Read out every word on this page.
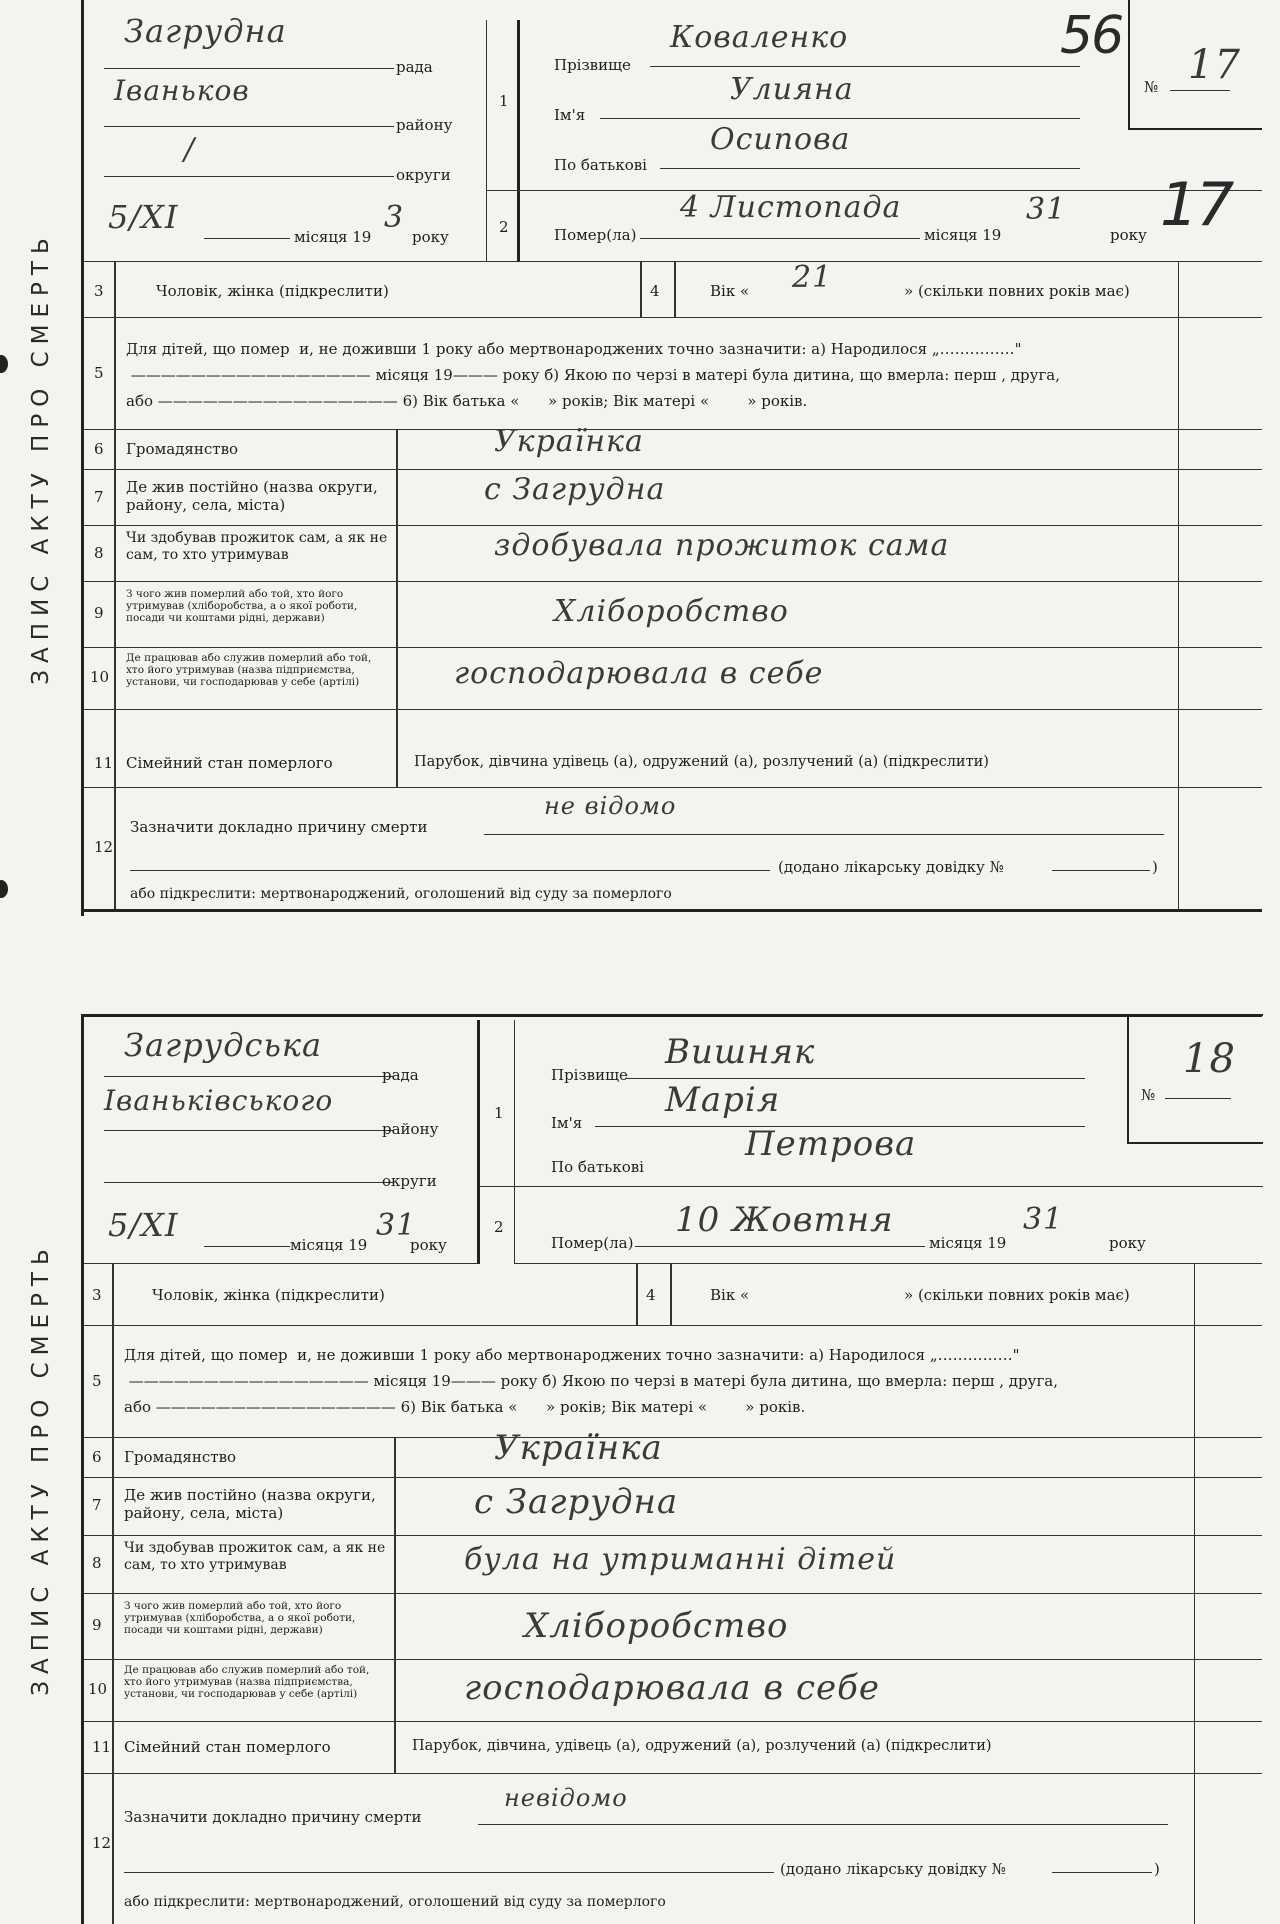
ЗАПИС АКТУ ПРО СМЕРТЬ
Загрудна
рада
Іваньков
району
/
округи
5/XI
місяця 19
3
року
1
2
Прізвище
Коваленко
Ім'я
Улияна
По батькові
Осипова
Помер(ла)
4 Листопада
місяця 19
31
року
№ 17
56
17
3	Чоловік, жінка (підкреслити)	4	Вік « 21	» (скільки повних років має)
5
Для дітей, що помер  и, не доживши 1 року або мертвонароджених точно зазначити: а) Народилося „……………"
———————————————— місяця 19——— року б) Якою по черзі в матері була дитина, що вмерла: перш , друга,
або ———————————————— 6) Вік батька « » років; Вік матері «	» років.
6 Громадянство	Українка
7
Де жив постійно (назва округи, району, села, міста)	с Загрудна
8
Чи здобував прожиток сам, а як не сам, то хто утримував	здобувала прожиток сама
9
З чого жив померлий або той, хто його утримував (хліборобства, а о якої роботи, посади чи коштами рідні, держави)	Хліборобство
10
Де працював або служив померлий або той, хто його утримував (назва підприємства, установи, чи господарював у себе (артілі)	господарювала в себе
11 Сімейний стан померлого	Парубок, дівчина удівець (а), одружений (а), розлучений (а) (підкреслити)
12
Зазначити докладно причину смерти
не відомо
(додано лікарську довідку №	)
або підкреслити: мертвонароджений, оголошений від суду за померлого
ЗАПИС АКТУ ПРО СМЕРТЬ
Загрудська
рада
Іваньківського
району
округи
5/XI
місяця 19
31
року
1
2
Прізвище
Вишняк
Ім'я
Марія
По батькові
Петрова
Помер(ла)
10 Жовтня
місяця 19
31
року
№
18
3	Чоловік, жінка (підкреслити)	4	Вік «	» (скільки повних років має)
5
Для дітей, що помер  и, не доживши 1 року або мертвонароджених точно зазначити: а) Народилося „……………"
———————————————— місяця 19——— року б) Якою по черзі в матері була дитина, що вмерла: перш , друга,
або ———————————————— 6) Вік батька « » років; Вік матері «	» років.
6 Громадянство	Українка
7
Де жив постійно (назва округи, району, села, міста)	с Загрудна
8
Чи здобував прожиток сам, а як не сам, то хто утримував	була на утриманні дітей
9
З чого жив померлий або той, хто його утримував (хліборобства, а о якої роботи, посади чи коштами рідні, держави)	Хліборобство
10
Де працював або служив померлий або той, хто його утримував (назва підприємства, установи, чи господарював у себе (артілі)	господарювала в себе
11 Сімейний стан померлого	Парубок, дівчина, удівець (а), одружений (а), розлучений (а) (підкреслити)
12
Зазначити докладно причину смерти
невідомо
(додано лікарську довідку №	)
або підкреслити: мертвонароджений, оголошений від суду за померлого
